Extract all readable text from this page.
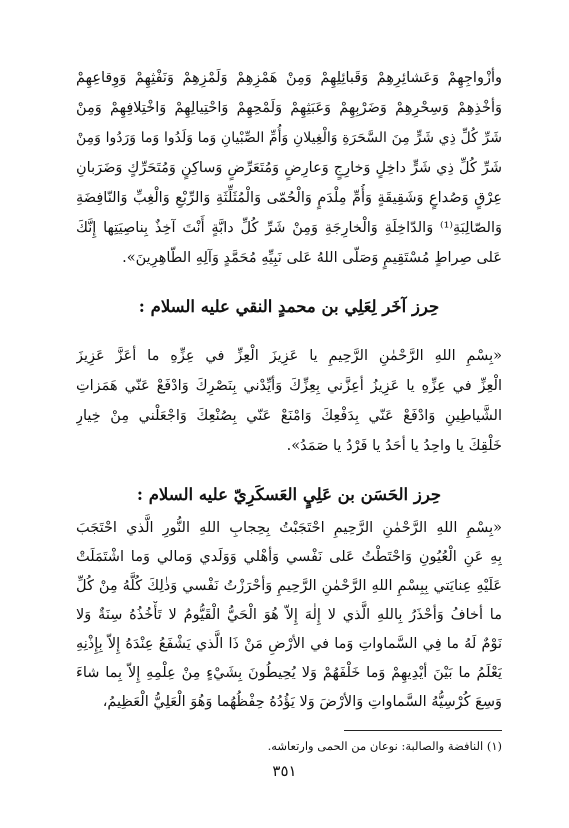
وأزْواجِهِمْ وَعَشائِرِهِمْ وَقَبائِلِهِمْ وَمِنْ هَمْزِهِمْ وَلَمْزِهِمْ وَنَفْثِهِمْ وَوِقاعِهِمْ
وَأخْذِهِمْ وَسِحْرِهِمْ وَضَرْبِهِمْ وَعَبَثِهِمْ وَلَمْحِهِمْ وَاحْتِيالِهِمْ وَاخْتِلافِهِمْ وَمِنْ
شَرِّ كُلِّ ذِي شَرٍّ مِنَ السَّحَرَةِ وَالْغِيلانِ وَأُمِّ الصِّبْيانِ وَما وَلَدُوا وَما وَرَدُوا وَمِنْ
شَرِّ كُلِّ ذِي شَرٍّ داخِلٍ وَخارِجٍ وَعارِضٍ وَمُتَعَرِّضٍ وَساكِنٍ وَمُتَحَرِّكٍ وَضَرَبانِ
عِرْقٍ وَصُداعٍ وَشَقِيقَةٍ وَأُمِّ مِلْدَمٍ وَالْحُمّى وَالْمُثَلِّثَةِ وَالرِّبْعِ وَالْغِبِّ وَالنّافِضَةِ
وَالصّالِبَةِ⁽¹⁾ وَالدّاخِلَةِ وَالْخارِجَةِ وَمِنْ شَرِّ كُلِّ دابَّةٍ أَنْتَ آخِذٌ بِناصِيَتِها إِنَّكَ
عَلى صِراطٍ مُسْتَقِيمٍ وَصَلّى اللهُ عَلى نَبِيِّهِ مُحَمَّدٍ وَآلِهِ الطّاهِرِينَ».
حِرز آخَر لِعَلِي بن محمدٍ النقي عليه السلام :
«بِسْمِ اللهِ الرَّحْمٰنِ الرَّحِيمِ يا عَزِيزَ الْعِزِّ في عِزِّهِ ما أعَزَّ عَزِيزَ
الْعِزِّ في عِزِّهِ يا عَزِيزُ أعِزَّني بِعِزِّكَ وَأيِّدْني بِنَصْرِكَ وَادْفَعْ عَنّي هَمَزاتِ
الشَّياطِينِ وَادْفَعْ عَنّي بِدَفْعِكَ وَامْنَعْ عَنّي بِصُنْعِكَ وَاجْعَلْني مِنْ خِيارِ
خَلْقِكَ يا واحِدُ يا أحَدُ يا فَرْدُ يا صَمَدُ».
حِرز الحَسَن بن عَلِيٍ العَسكَرِيّ عليه السلام :
«بِسْمِ اللهِ الرَّحْمٰنِ الرَّحِيمِ احْتَجَبْتُ بِحِجابِ اللهِ النُّورِ الَّذي احْتَجَبَ
بِهِ عَنِ الْعُيُونِ وَاحْتَطْتُ عَلى نَفْسي وَأهْلي وَوَلَدي وَمالي وَما اشْتَمَلَتْ
عَلَيْهِ عِنايَتي بِبِسْمِ اللهِ الرَّحْمٰنِ الرَّحِيمِ وَأحْرَزْتُ نَفْسي وَذٰلِكَ كُلَّهُ مِنْ كُلِّ
ما أخافُ وَأحْذَرُ بِاللهِ الَّذي لا إِلٰهَ إِلاّ هُوَ الْحَيُّ الْقَيُّومُ لا تَأْخُذُهُ سِنَةٌ وَلا
نَوْمٌ لَهُ ما فِي السَّماواتِ وَما في الأرْضِ مَنْ ذَا الَّذي يَشْفَعُ عِنْدَهُ إِلاّ بِإِذْنِهِ
يَعْلَمُ ما بَيْنَ أيْدِيهِمْ وَما خَلْفَهُمْ وَلا يُحِيطُونَ بِشَيْءٍ مِنْ عِلْمِهِ إِلاّ بِما شاءَ
وَسِعَ كُرْسِيُّهُ السَّماواتِ وَالأرْضَ وَلا يَؤُدُهُ حِفْظُهُما وَهُوَ الْعَلِيُّ الْعَظِيمُ،
(١) النافضة والصالبة: نوعان من الحمى وارتعاشه.
٣٥١
